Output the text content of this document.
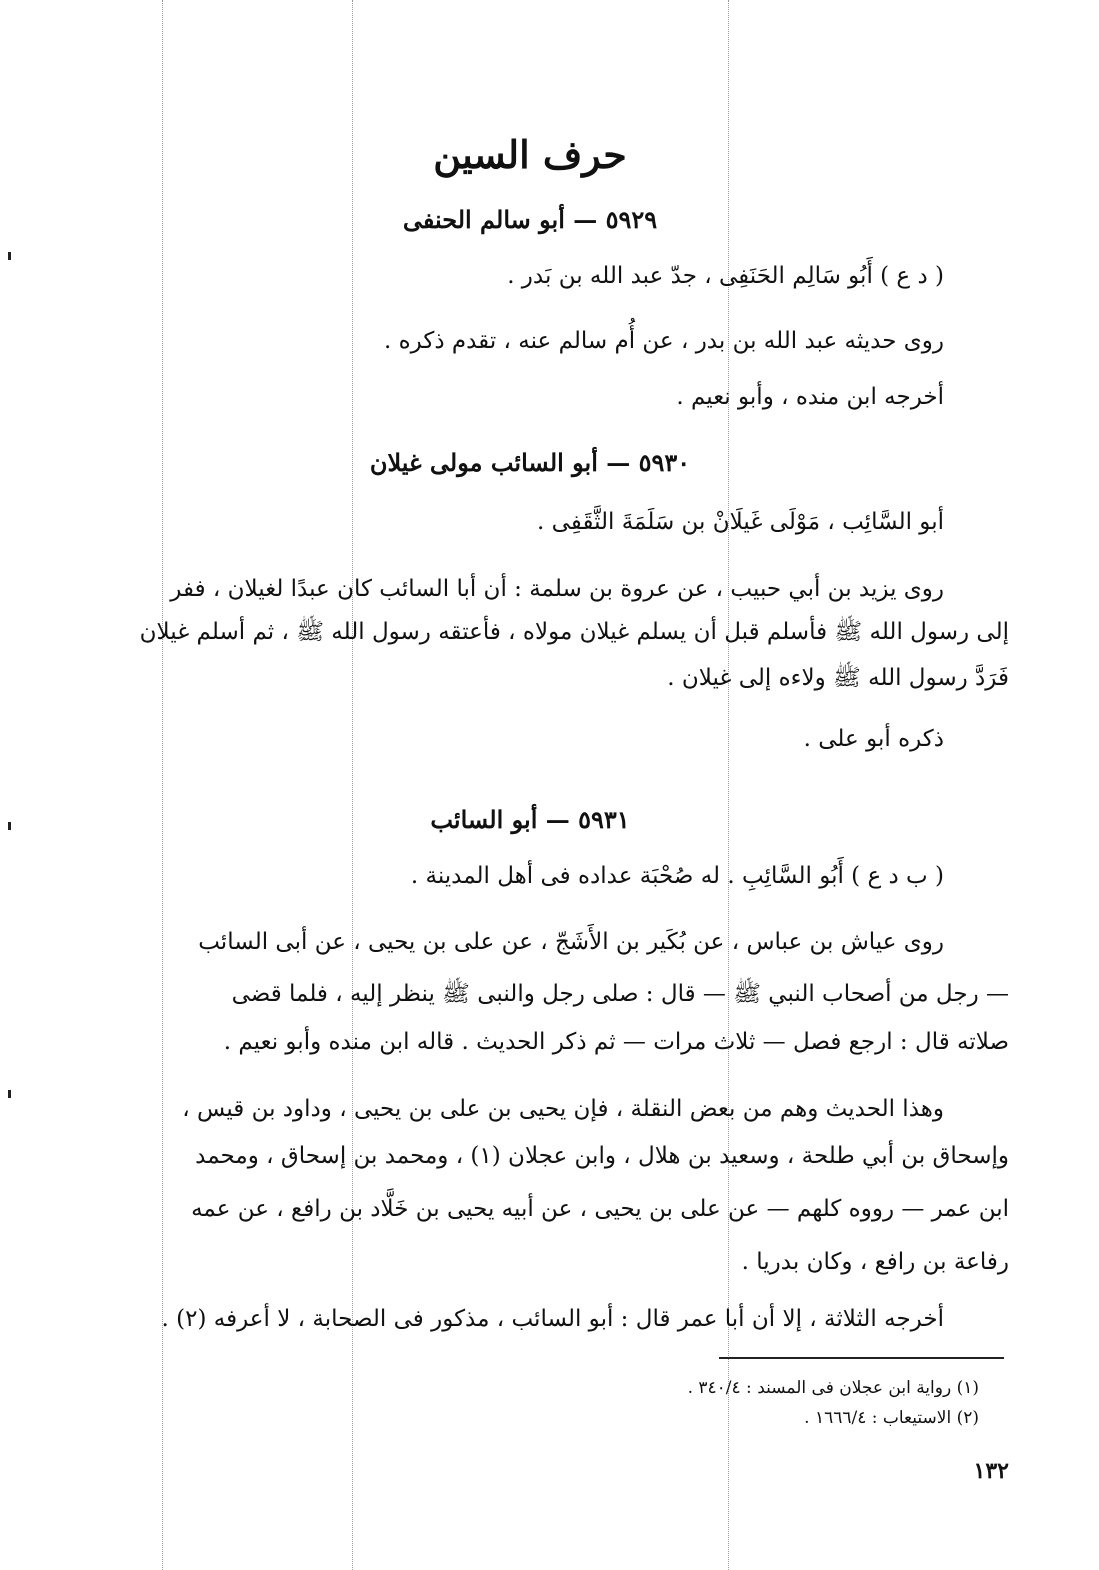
حرف السين
٥٩٢٩ — أبو سالم الحنفى
( د ع ) أَبُو سَالِم الحَنَفِى ، جدّ عبد الله بن بَدر .
روى حديثه عبد الله بن بدر ، عن أُم سالم عنه ، تقدم ذكره .
أخرجه ابن منده ، وأبو نعيم .
٥٩٣٠ — أبو السائب مولى غيلان
أبو السَّائِب ، مَوْلَى غَيلَانْ بن سَلَمَةَ الثَّقَفِى .
روى يزيد بن أبي حبيب ، عن عروة بن سلمة : أن أبا السائب كان عبدًا لغيلان ، ففر
إلى رسول الله ﷺ فأسلم قبل أن يسلم غيلان مولاه ، فأعتقه رسول الله ﷺ ، ثم أسلم غيلان
فَرَدَّ رسول الله ﷺ ولاءه إلى غيلان .
ذكره أبو على .
٥٩٣١ — أبو السائب
( ب د ع ) أَبُو السَّائِبِ . له صُحْبَة عداده فى أهل المدينة .
روى عياش بن عباس ، عن بُكَير بن الأَشَجّ ، عن على بن يحيى ، عن أبى السائب
— رجل من أصحاب النبي ﷺ — قال : صلى رجل والنبى ﷺ ينظر إليه ، فلما قضى
صلاته قال : ارجع فصل — ثلاث مرات — ثم ذكر الحديث . قاله ابن منده وأبو نعيم .
وهذا الحديث وهم من بعض النقلة ، فإن يحيى بن على بن يحيى ، وداود بن قيس ،
وإسحاق بن أبي طلحة ، وسعيد بن هلال ، وابن عجلان (١) ، ومحمد بن إسحاق ، ومحمد
ابن عمر — رووه كلهم — عن على بن يحيى ، عن أبيه يحيى بن خَلَّاد بن رافع ، عن عمه
رفاعة بن رافع ، وكان بدريا .
أخرجه الثلاثة ، إلا أن أبا عمر قال : أبو السائب ، مذكور فى الصحابة ، لا أعرفه (٢) .
(١) رواية ابن عجلان فى المسند : ٣٤٠/٤ .
(٢) الاستيعاب : ١٦٦٦/٤ .
١٣٢
